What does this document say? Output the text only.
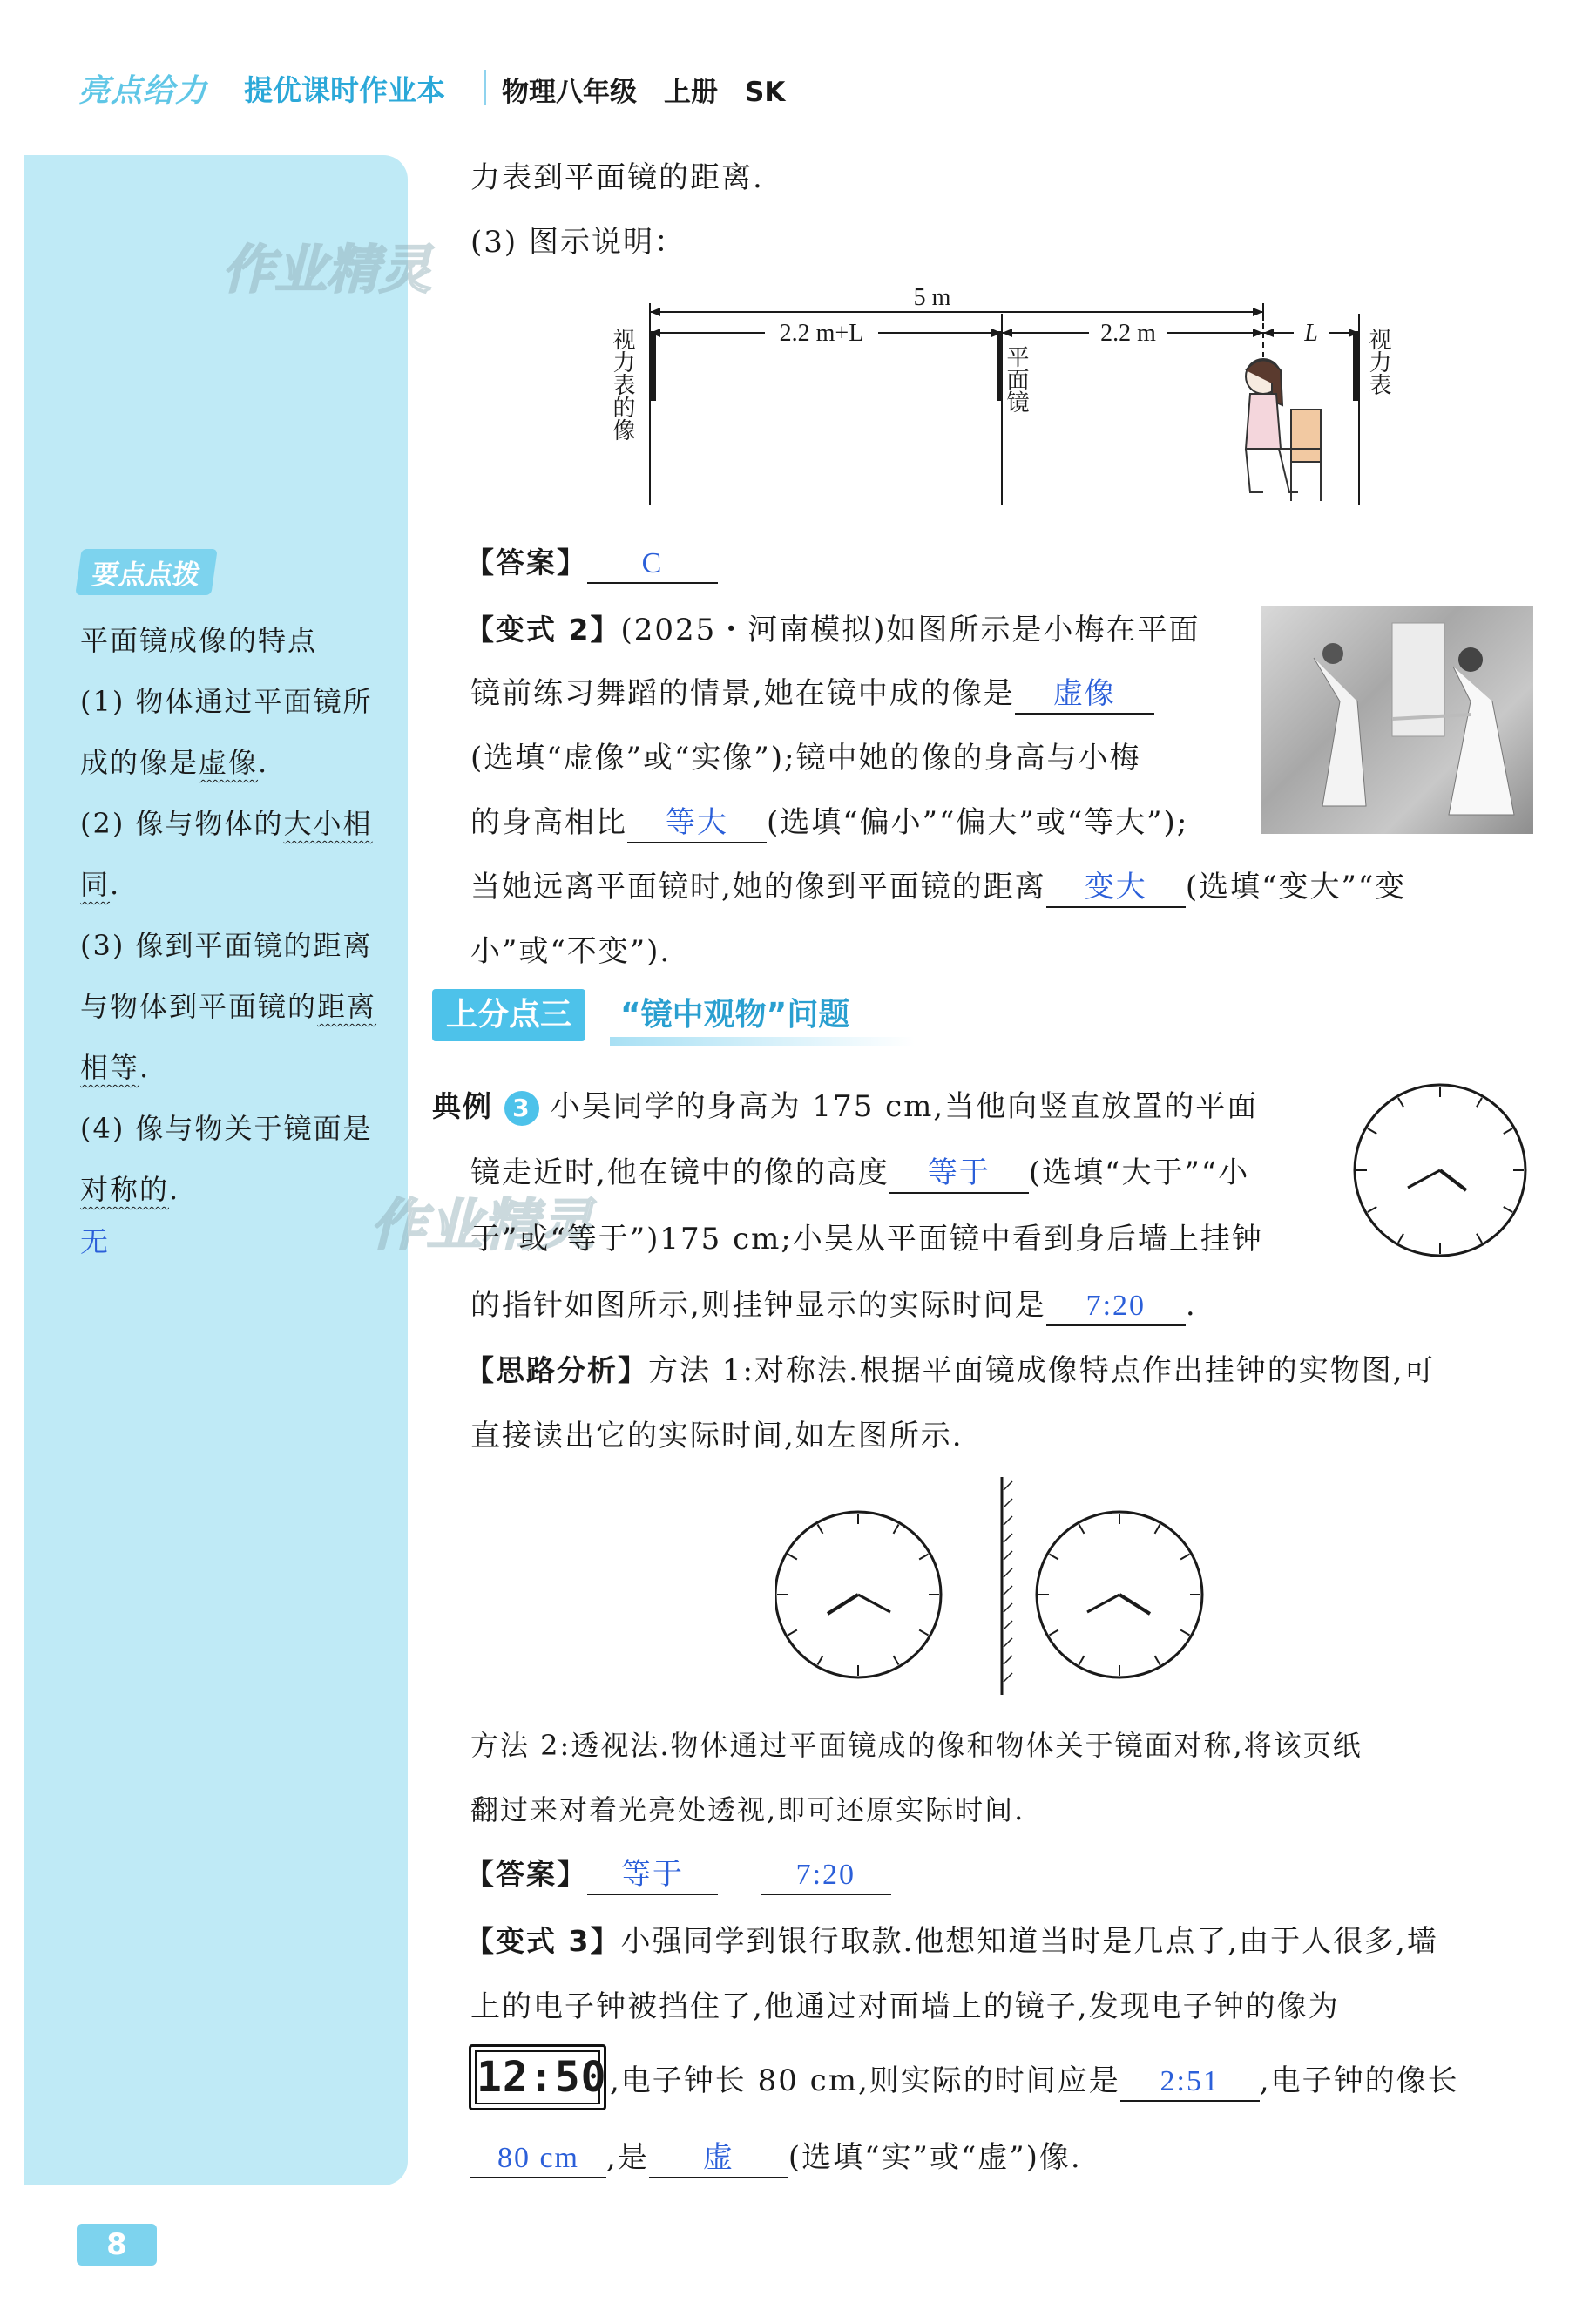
亮点给力 提优课时作业本 物理八年级　上册　SK
作业精灵
作业精灵
要点点拨
平面镜成像的特点
(1) 物体通过平面镜所成的像是虚像.
(2) 像与物体的大小相同.
(3) 像到平面镜的距离与物体到平面镜的距离相等.
(4) 像与物关于镜面是对称的.
无
力表到平面镜的距离.
(3) 图示说明：
5 m
2.2 m+L	2.2 m	L
视力表的像	平面镜	视力表
【答案】 C
【变式 2】(2025・河南模拟)如图所示是小梅在平面
镜前练习舞蹈的情景,她在镜中成的像是 虚像
(选填“虚像”或“实像”);镜中她的像的身高与小梅
的身高相比 等大 (选填“偏小”“偏大”或“等大”);
当她远离平面镜时,她的像到平面镜的距离 变大 (选填“变大”“变
小”或“不变”).
上分点三	“镜中观物”问题
典例 3 小吴同学的身高为 175 cm,当他向竖直放置的平面
镜走近时,他在镜中的像的高度 等于 (选填“大于”“小
于”或“等于”)175 cm;小吴从平面镜中看到身后墙上挂钟
的指针如图所示,则挂钟显示的实际时间是 7:20 .
【思路分析】方法 1:对称法.根据平面镜成像特点作出挂钟的实物图,可
直接读出它的实际时间,如左图所示.
方法 2:透视法.物体通过平面镜成的像和物体关于镜面对称,将该页纸
翻过来对着光亮处透视,即可还原实际时间.
【答案】 等于	7:20
【变式 3】小强同学到银行取款.他想知道当时是几点了,由于人很多,墙
上的电子钟被挡住了,他通过对面墙上的镜子,发现电子钟的像为
12:50 ,电子钟长 80 cm,则实际的时间应是 2:51 ,电子钟的像长
80 cm ,是 虚 (选填“实”或“虚”)像.
8
